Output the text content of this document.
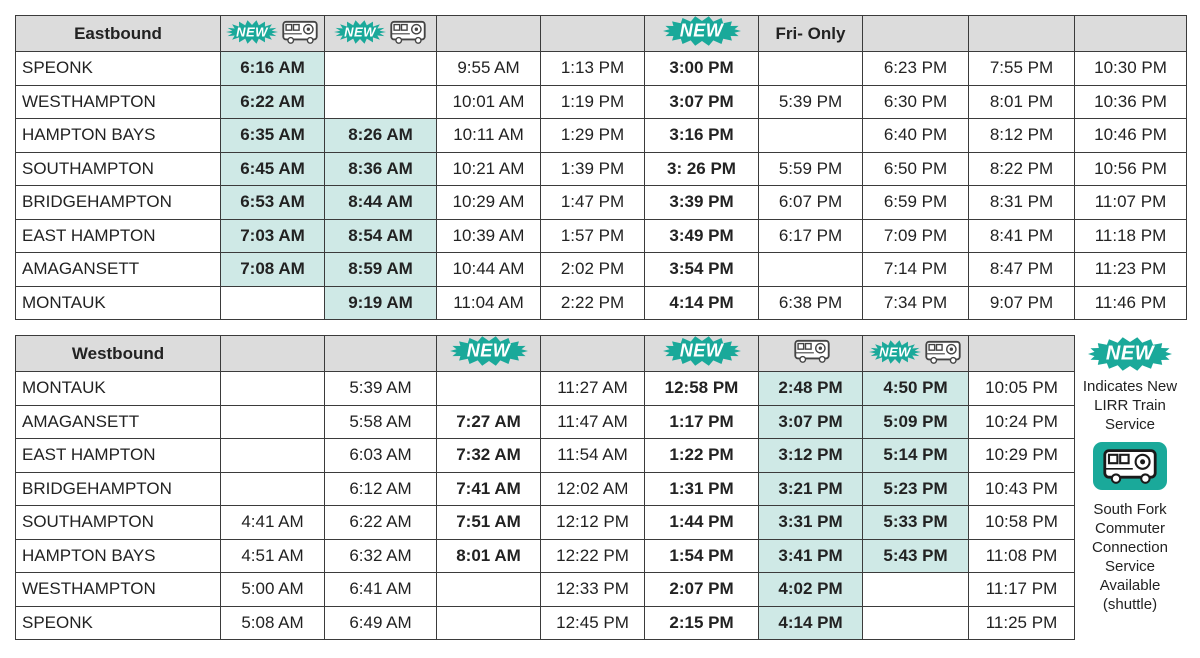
Eastbound	NEW	NEW			NEW	Fri- Only			
SPEONK	6:16 AM		9:55 AM	1:13 PM	3:00 PM		6:23 PM	7:55 PM	10:30 PM
WESTHAMPTON	6:22 AM		10:01 AM	1:19 PM	3:07 PM	5:39 PM	6:30 PM	8:01 PM	10:36 PM
HAMPTON BAYS	6:35 AM	8:26 AM	10:11 AM	1:29 PM	3:16 PM		6:40 PM	8:12 PM	10:46 PM
SOUTHAMPTON	6:45 AM	8:36 AM	10:21 AM	1:39 PM	3: 26 PM	5:59 PM	6:50 PM	8:22 PM	10:56 PM
BRIDGEHAMPTON	6:53 AM	8:44 AM	10:29 AM	1:47 PM	3:39 PM	6:07 PM	6:59 PM	8:31 PM	11:07 PM
EAST HAMPTON	7:03 AM	8:54 AM	10:39 AM	1:57 PM	3:49 PM	6:17 PM	7:09 PM	8:41 PM	11:18 PM
AMAGANSETT	7:08 AM	8:59 AM	10:44 AM	2:02 PM	3:54 PM		7:14 PM	8:47 PM	11:23 PM
MONTAUK		9:19 AM	11:04 AM	2:22 PM	4:14 PM	6:38 PM	7:34 PM	9:07 PM	11:46 PM
Westbound			NEW		NEW		NEW	

MONTAUK		5:39 AM		11:27 AM	12:58 PM	2:48 PM	4:50 PM	10:05 PM
AMAGANSETT		5:58 AM	7:27 AM	11:47 AM	1:17 PM	3:07 PM	5:09 PM	10:24 PM
EAST HAMPTON		6:03 AM	7:32 AM	11:54 AM	1:22 PM	3:12 PM	5:14 PM	10:29 PM
BRIDGEHAMPTON		6:12 AM	7:41 AM	12:02 AM	1:31 PM	3:21 PM	5:23 PM	10:43 PM
SOUTHAMPTON	4:41 AM	6:22 AM	7:51 AM	12:12 PM	1:44 PM	3:31 PM	5:33 PM	10:58 PM
HAMPTON BAYS	4:51 AM	6:32 AM	8:01 AM	12:22 PM	1:54 PM	3:41 PM	5:43 PM	11:08 PM
WESTHAMPTON	5:00 AM	6:41 AM		12:33 PM	2:07 PM	4:02 PM		11:17 PM
SPEONK	5:08 AM	6:49 AM		12:45 PM	2:15 PM	4:14 PM		11:25 PM
NEW
Indicates New LIRR Train Service
South Fork Commuter Connection Service Available (shuttle)
